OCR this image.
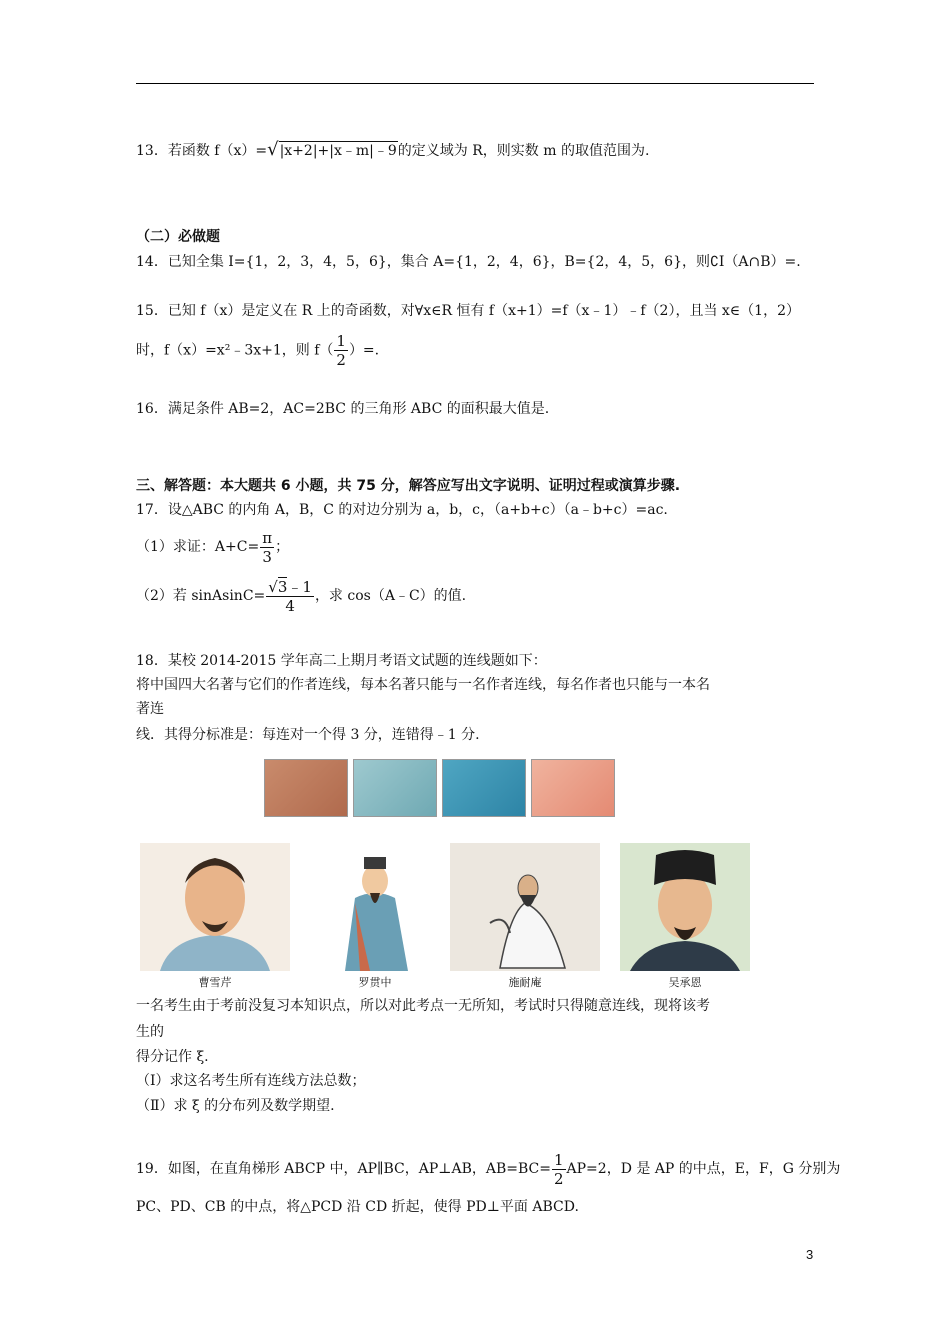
13．若函数 f（x）=√|x+2|+|x﹣m|﹣9的定义域为 R，则实数 m 的取值范围为.
（二）必做题
14．已知全集 I={1，2，3，4，5，6}，集合 A={1，2，4，6}，B={2，4，5，6}，则∁I（A∩B）=.
15．已知 f（x）是定义在 R 上的奇函数，对∀x∈R 恒有 f（x+1）=f（x﹣1）﹣f（2），且当 x∈（1，2）
时，f（x）=x²﹣3x+1，则 $f( \frac{1}{2}$ ）=.
16．满足条件 AB=2，AC=2BC 的三角形 ABC 的面积最大值是.
三、解答题：本大题共 6 小题，共 75 分，解答应写出文字说明、证明过程或演算步骤.
17．设△ABC 的内角 A，B，C 的对边分别为 a，b，c，（a+b+c）（a﹣b+c）=ac.
（1）求证：$A+C= \frac{\pi}{3}$ ；
（2）若 sinAsinC= $\frac{√3﹣1}{4}$ ，求 cos（A﹣C）的值.
18．某校 2014-2015 学年高二上期月考语文试题的连线题如下：
将中国四大名著与它们的作者连线，每本名著只能与一名作者连线，每名作者也只能与一本名
著连
线．其得分标准是：每连对一个得 3 分，连错得﹣1 分.
曹雪芹	罗贯中	施耐庵	吴承恩
一名考生由于考前没复习本知识点，所以对此考点一无所知，考试时只得随意连线，现将该考
生的
得分记作 ξ.
（Ⅰ）求这名考生所有连线方法总数；
（Ⅱ）求 ξ 的分布列及数学期望.
19．如图，在直角梯形 ABCP 中，AP∥BC，AP⊥AB，$AB=BC= \frac{1}{2} AP=2$，D 是 AP 的中点，E，F，G 分别为
PC、PD、CB 的中点，将△PCD 沿 CD 折起，使得 PD⊥平面 ABCD.
3
